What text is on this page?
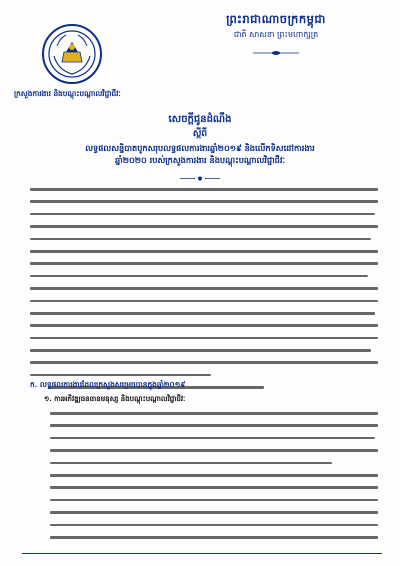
ក្រសួងការងារ និងបណ្តុះបណ្តាលវិជ្ជាជីវៈ
ព្រះរាជាណាចក្រកម្ពុជា
ជាតិ សាសនា ព្រះមហាក្សត្រ
សេចក្តីជូនដំណឹង
ស្តីពី
លទ្ធផលសន្និបាតបូកសរុបលទ្ធផលការងារឆ្នាំ២០១៩ និងលើកទិសដៅការងារ
ឆ្នាំ២០២០ របស់ក្រសួងការងារ និងបណ្តុះបណ្តាលវិជ្ជាជីវៈ
ក. លទ្ធផលការងារដែលក្រសួងសម្រេចបានក្នុងឆ្នាំ២០១៩
១. ការអភិវឌ្ឍធនធានមនុស្ស និងបណ្តុះបណ្តាលវិជ្ជាជីវៈ
